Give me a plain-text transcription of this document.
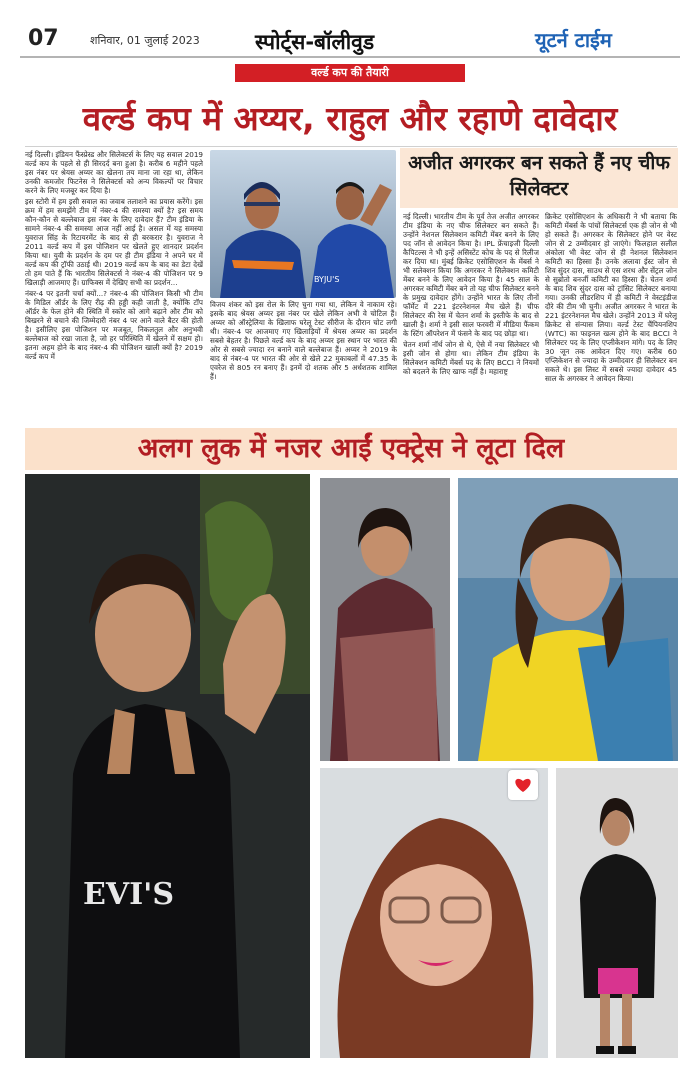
07	शनिवार, 01 जुलाई 2023	स्पोर्ट्स-बॉलीवुड	यूटर्न टाईम
वर्ल्ड कप की तैयारी
वर्ल्ड कप में अय्यर, राहुल और रहाणे दावेदार

नई दिल्ली। इंडियन फैंस्प्रेस्ड और सिलेक्टर्स के लिए यह सवाल 2019 वर्ल्ड कप के पहले से ही सिरदर्द बना हुआ है। करीब 6 महीने पहले इस नंबर पर श्रेयस अय्यर का खेलना तय माना जा रहा था, लेकिन उनकी कमजोर फिटनेस ने सिलेक्टर्स को अन्य विकल्पों पर विचार करने के लिए मजबूर कर दिया है।

इस स्टोरी में हम इसी सवाल का जवाब तलाशने का प्रयास करेंगे। इस क्रम में हम समझेंगे टीम में नंबर-4 की समस्या क्यों है? इस समय कौन-कौन से बल्लेबाज इस नंबर के लिए दावेदार हैं? टीम इंडिया के सामने नंबर-4 की समस्या आज नहीं आई है। असल में यह समस्या युवराज सिंह के रिटायरमेंट के बाद से ही बरकरार है। युवराज ने 2011 वर्ल्ड कप में इस पोजिशन पर खेलते हुए शानदार प्रदर्शन किया था। युवी के प्रदर्शन के दम पर ही टीम इंडिया ने अपने घर में वर्ल्ड कप की ट्रॉफी उठाई थी। 2019 वर्ल्ड कप के बाद का डेटा देखें तो हम पाते हैं कि भारतीय सिलेक्टर्स ने नंबर-4 की पोजिशन पर 9 खिलाड़ी आजमाए हैं। ग्राफिक्स में देखिए सभी का प्रदर्शन...

नंबर-4 पर इतनी चर्चा क्यों...? नंबर-4 की पोजिशन किसी भी टीम के मिडिल ऑर्डर के लिए रीढ़ की हड्डी कही जाती है, क्योंकि टॉप ऑर्डर के फेल होने की स्थिति में स्कोर को आगे बढ़ाने और टीम को बिखरने से बचाने की जिम्मेदारी नंबर 4 पर आने वाले बैटर की होती है। इसीलिए इस पोजिशन पर मजबूत, निकलतुल और अनुभवी बल्लेबाज को रखा जाता है, जो हर परिस्थिति में खेलने में सक्षम हो। इतना अहम होने के बाद नंबर-4 की पोजिशन खाली क्यों है? 2019 वर्ल्ड कप में

BYJU'S

विजय शंकर को इस रोल के लिए चुना गया था, लेकिन वे नाकाम रहे। इसके बाद श्रेयस अय्यर इस नंबर पर खेले लेकिन अभी वे चोटिल हैं। अय्यर को ऑस्ट्रेलिया के खिलाफ घरेलू टेस्ट सीरीज के दौरान चोट लगी थी। नंबर-4 पर आजमाए गए खिलाड़ियों में श्रेयस अय्यर का प्रदर्शन सबसे बेहतर है। पिछले वर्ल्ड कप के बाद अय्यर इस स्थान पर भारत की ओर से सबसे ज्यादा रन बनाने वाले बल्लेबाज हैं। अय्यर ने 2019 के बाद से नंबर-4 पर भारत की ओर से खेले 22 मुकाबलों में 47.35 के एवरेज से 805 रन बनाए हैं। इनमें दो शतक और 5 अर्धशतक शामिल हैं।

अजीत अगरकर बन सकते हैं नए चीफ सिलेक्टर

नई दिल्ली। भारतीय टीम के पूर्व तेज अजीत अगरकर टीम इंडिया के नए चीफ सिलेक्टर बन सकते हैं। उन्होंने नेशनल सिलेक्शन कमिटी मेंबर बनने के लिए पद जॉन से आवेदन किया है। IPL फ्रेंचाइजी दिल्ली कैपिटल्स ने भी इन्हें असिस्टेंट कोच के पद से रिलीज कर दिया था। मुंबई क्रिकेट एसोसिएशन के मेंबर्स ने भी सलेक्शन किया कि अगरकर ने सिलेक्शन कमिटी मेंबर बनने के लिए आवेदन किया है। 45 साल के अगरकर कमिटी मेंबर बने तो यह चीफ सिलेक्टर बनने के प्रमुख दावेदार होंगे। उन्होंने भारत के लिए तीनों फॉर्मेट में 221 इंटरनेशनल मैच खेले हैं। चीफ सिलेक्टर की रेस में चेतन शर्मा के इस्तीफे के बाद से खाली है। शर्मा ने इसी साल फरवरी में मीडिया फैंकम के स्टिंग ऑपरेशन में फंसने के बाद पद छोड़ा था।

चेतन शर्मा नॉर्थ जोन से थे, ऐसे में नया सिलेक्टर भी इसी जोन से होगा था। लेकिन टीम इंडिया के सिलेक्शन कमिटी मेंबर्स पद के लिए BCCI ने नियमों को बदलने के लिए खाफ नहीं है। महाराष्ट्र

क्रिकेट एसोसिएशन के अधिकारी ने भी बताया कि कमिटी मेंबर्स के पांचों सिलेक्टर्स एक ही जोन से भी हो सकते हैं। अगरकर के सिलेक्टर होने पर वेस्ट जोन से 2 उम्मीदवार हो जाएंगे। फिलहाल सलील अंकोला भी वेस्ट जोन से ही नेशनल सिलेक्शन कमिटी का हिस्सा हैं। उनके अलावा ईस्ट जोन से शिव सुंदर दास, साउथ से एस शरथ और सेंट्रल जोन से सुब्रोतो बनर्जी कमिटी का हिस्सा हैं। चेतन शर्मा के बाद शिव सुंदर दास को ट्रांसिट सिलेक्टर बनाया गया। उनकी लीडरशिप में ही कमिटी ने वेस्टइंडीज दौरे की टीम भी चुनी। अजीत अगरकर ने भारत के 221 इंटरनेशनल मैच खेले। उन्होंने 2013 में घरेलू क्रिकेट से संन्यास लिया। वर्ल्ड टेस्ट चैंपियनशिप (WTC) का फाइनल खत्म होने के बाद BCCI ने सिलेक्टर पद के लिए एप्लीकेशन मांगे। पद के लिए 30 जून तक आवेदन दिए गए। करीब 60 एप्लिकेशन से ज्यादा के उम्मीदवार ही सिलेक्टर बन सकते थे। इस लिस्ट में सबसे ज्यादा दावेदार 45 साल के अगरकर ने आवेदन किया।

अलग लुक में नजर आईं एक्ट्रेस ने लूटा दिल
EVI'S
